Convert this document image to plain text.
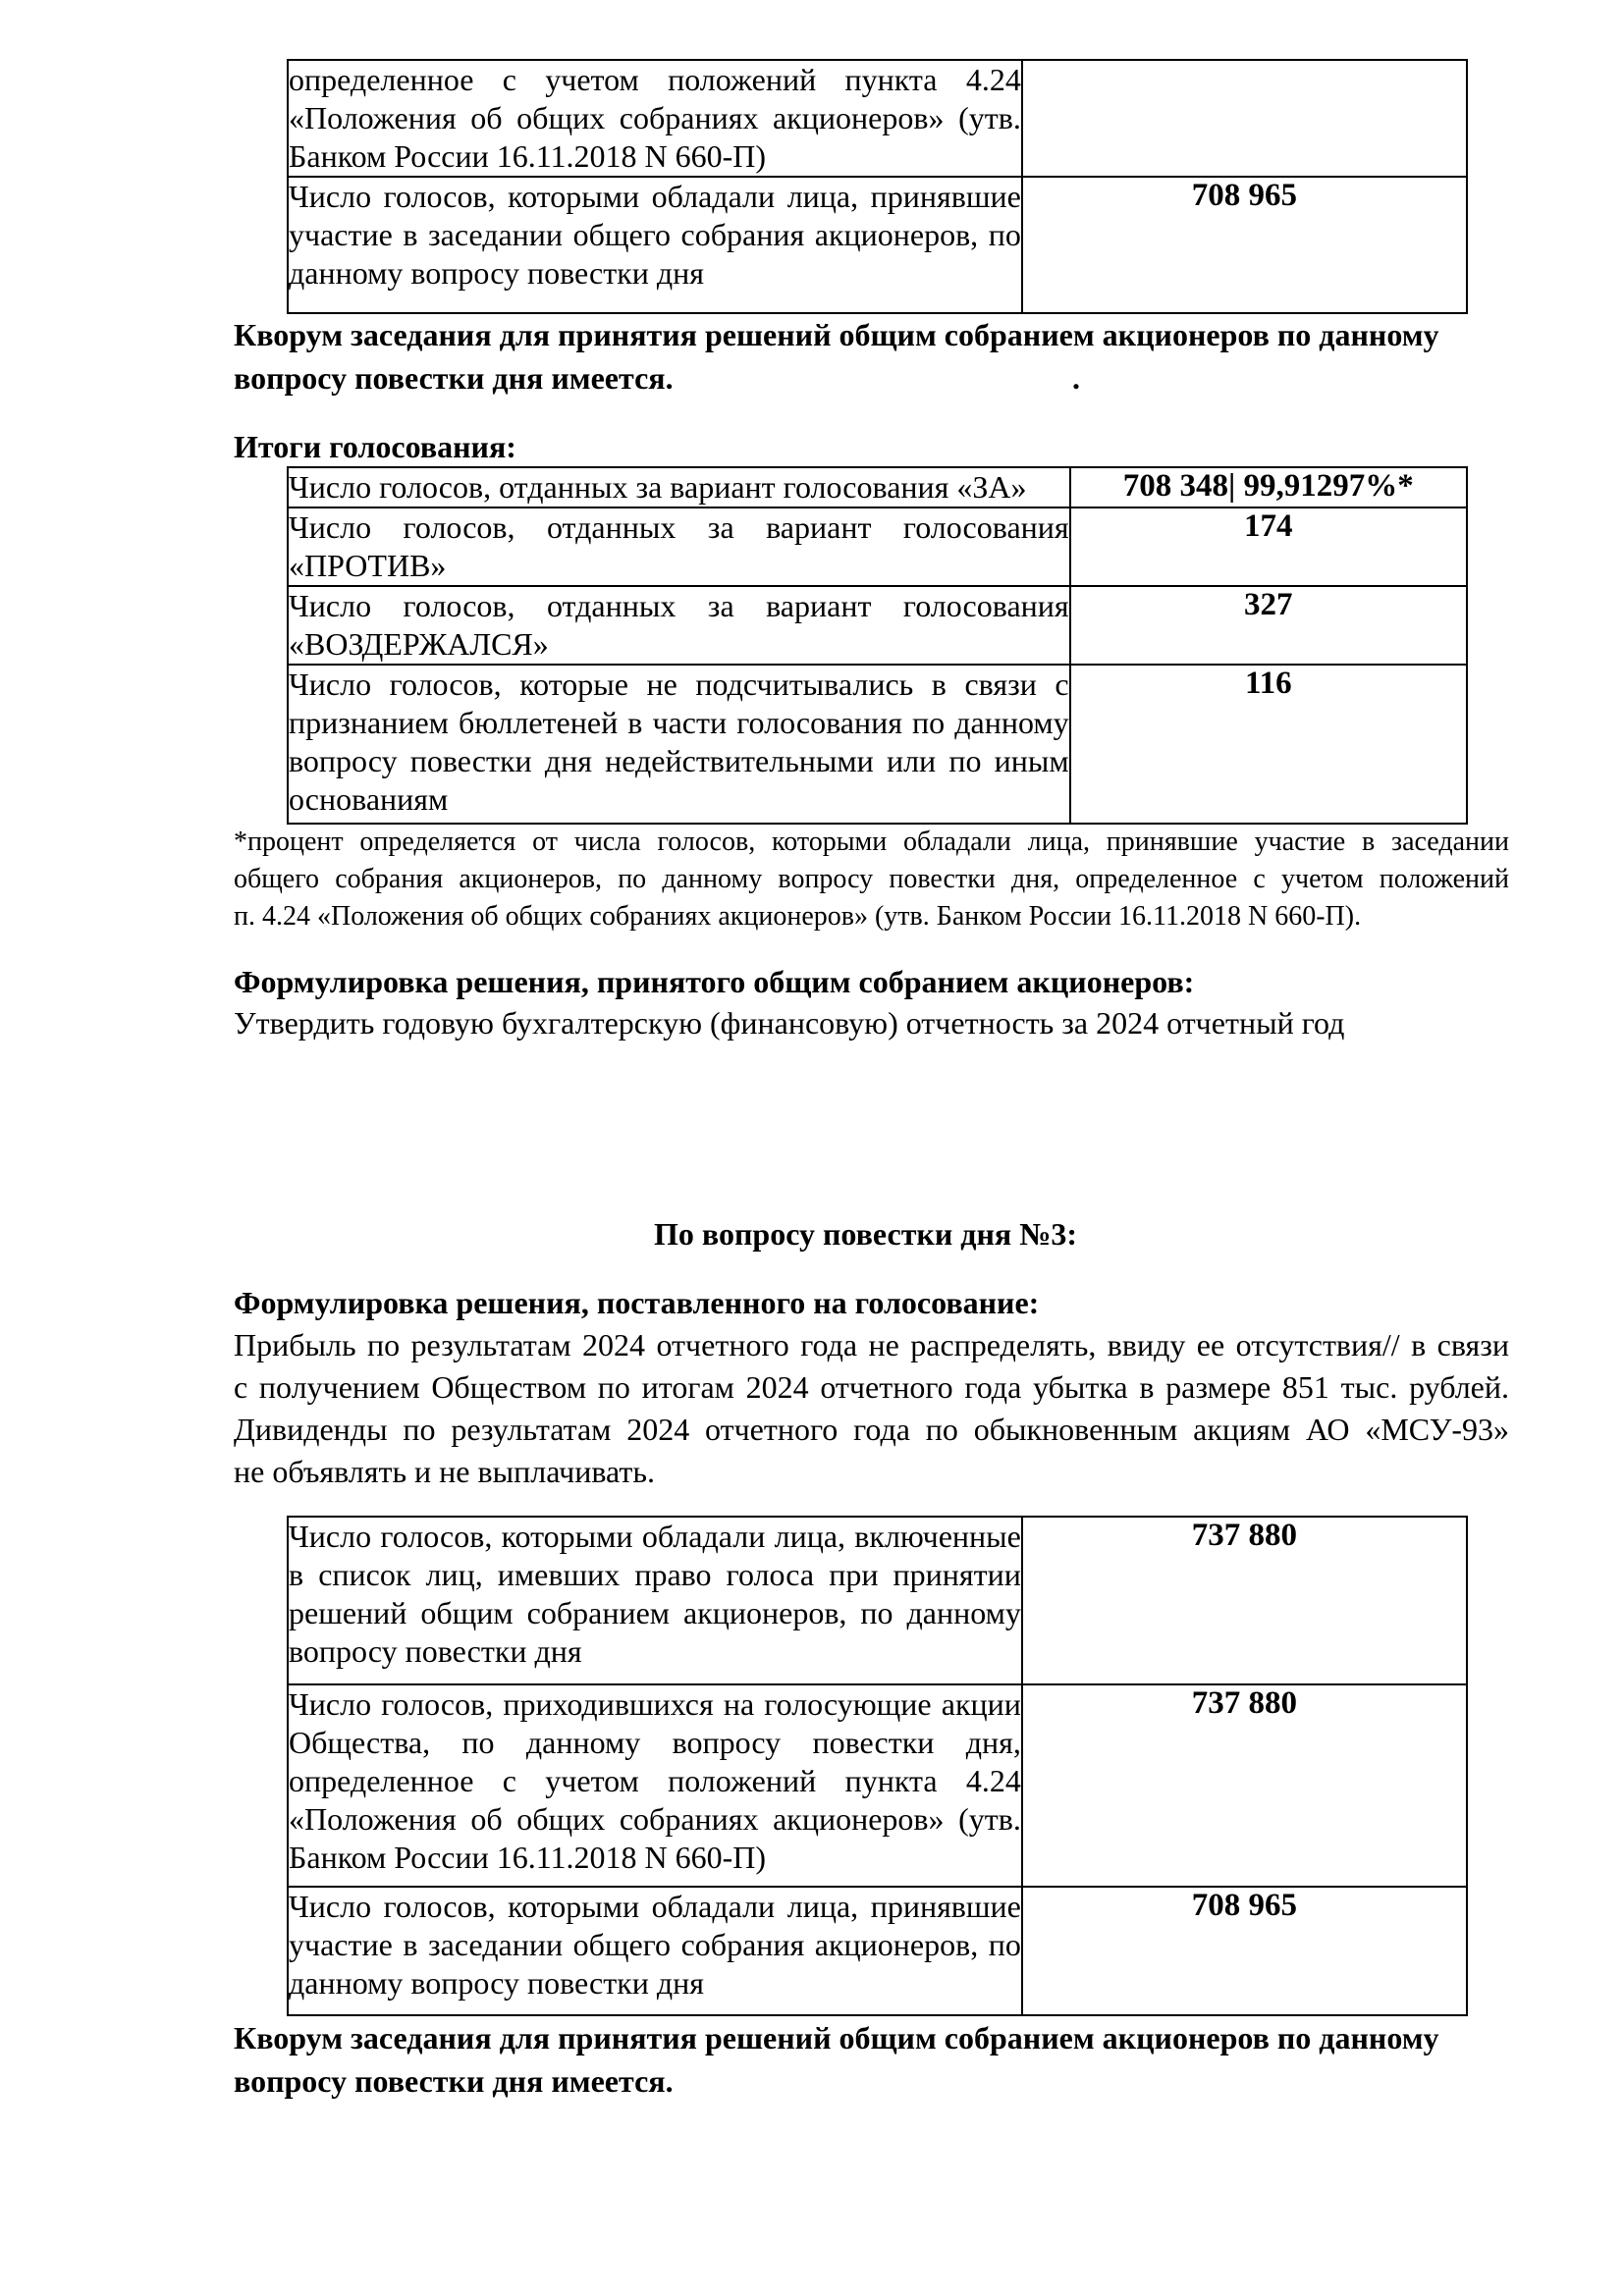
определенное с учетом положений пункта 4.24 «Положения об общих собраниях акционеров» (утв. Банком России 16.11.2018 N 660-П)	
Число голосов, которыми обладали лица, принявшие участие в заседании общего собрания акционеров, по данному вопросу повестки дня	708 965
Кворум заседания для принятия решений общим собранием акционеров по данному
вопросу повестки дня имеется.	.
Итоги голосования:
Число голосов, отданных за вариант голосования «ЗА»	708 348| 99,91297%*
Число голосов, отданных за вариант голосования «ПРОТИВ»	174
Число голосов, отданных за вариант голосования «ВОЗДЕРЖАЛСЯ»	327
Число голосов, которые не подсчитывались в связи с признанием бюллетеней в части голосования по данному вопросу повестки дня недействительными или по иным основаниям	116
*процент определяется от числа голосов, которыми обладали лица, принявшие участие в заседании
общего собрания акционеров, по данному вопросу повестки дня, определенное с учетом положений
п. 4.24 «Положения об общих собраниях акционеров» (утв. Банком России 16.11.2018 N 660-П).
Формулировка решения, принятого общим собранием акционеров:
Утвердить годовую бухгалтерскую (финансовую) отчетность за 2024 отчетный год
По вопросу повестки дня №3:
Формулировка решения, поставленного на голосование:
Прибыль по результатам 2024 отчетного года не распределять, ввиду ее отсутствия// в связи
с получением Обществом по итогам 2024 отчетного года убытка в размере 851 тыс. рублей.
Дивиденды по результатам 2024 отчетного года по обыкновенным акциям АО «МСУ-93»
не объявлять и не выплачивать.
Число голосов, которыми обладали лица, включенные в список лиц, имевших право голоса при принятии решений общим собранием акционеров, по данному вопросу повестки дня	737 880
Число голосов, приходившихся на голосующие акции Общества, по данному вопросу повестки дня, определенное с учетом положений пункта 4.24 «Положения об общих собраниях акционеров» (утв. Банком России 16.11.2018 N 660-П)	737 880
Число голосов, которыми обладали лица, принявшие участие в заседании общего собрания акционеров, по данному вопросу повестки дня	708 965
Кворум заседания для принятия решений общим собранием акционеров по данному
вопросу повестки дня имеется.
